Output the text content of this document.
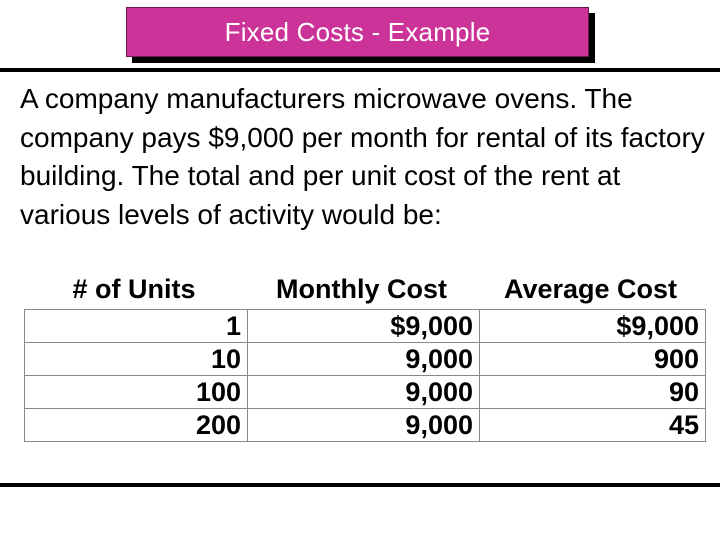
Fixed Costs - Example

A company manufacturers microwave ovens. The company pays $9,000 per month for rental of its factory building. The total and per unit cost of the rent at various levels of activity would be:

# of Units	Monthly Cost	Average Cost
1	$9,000	$9,000
10	9,000	900
100	9,000	90
200	9,000	45
